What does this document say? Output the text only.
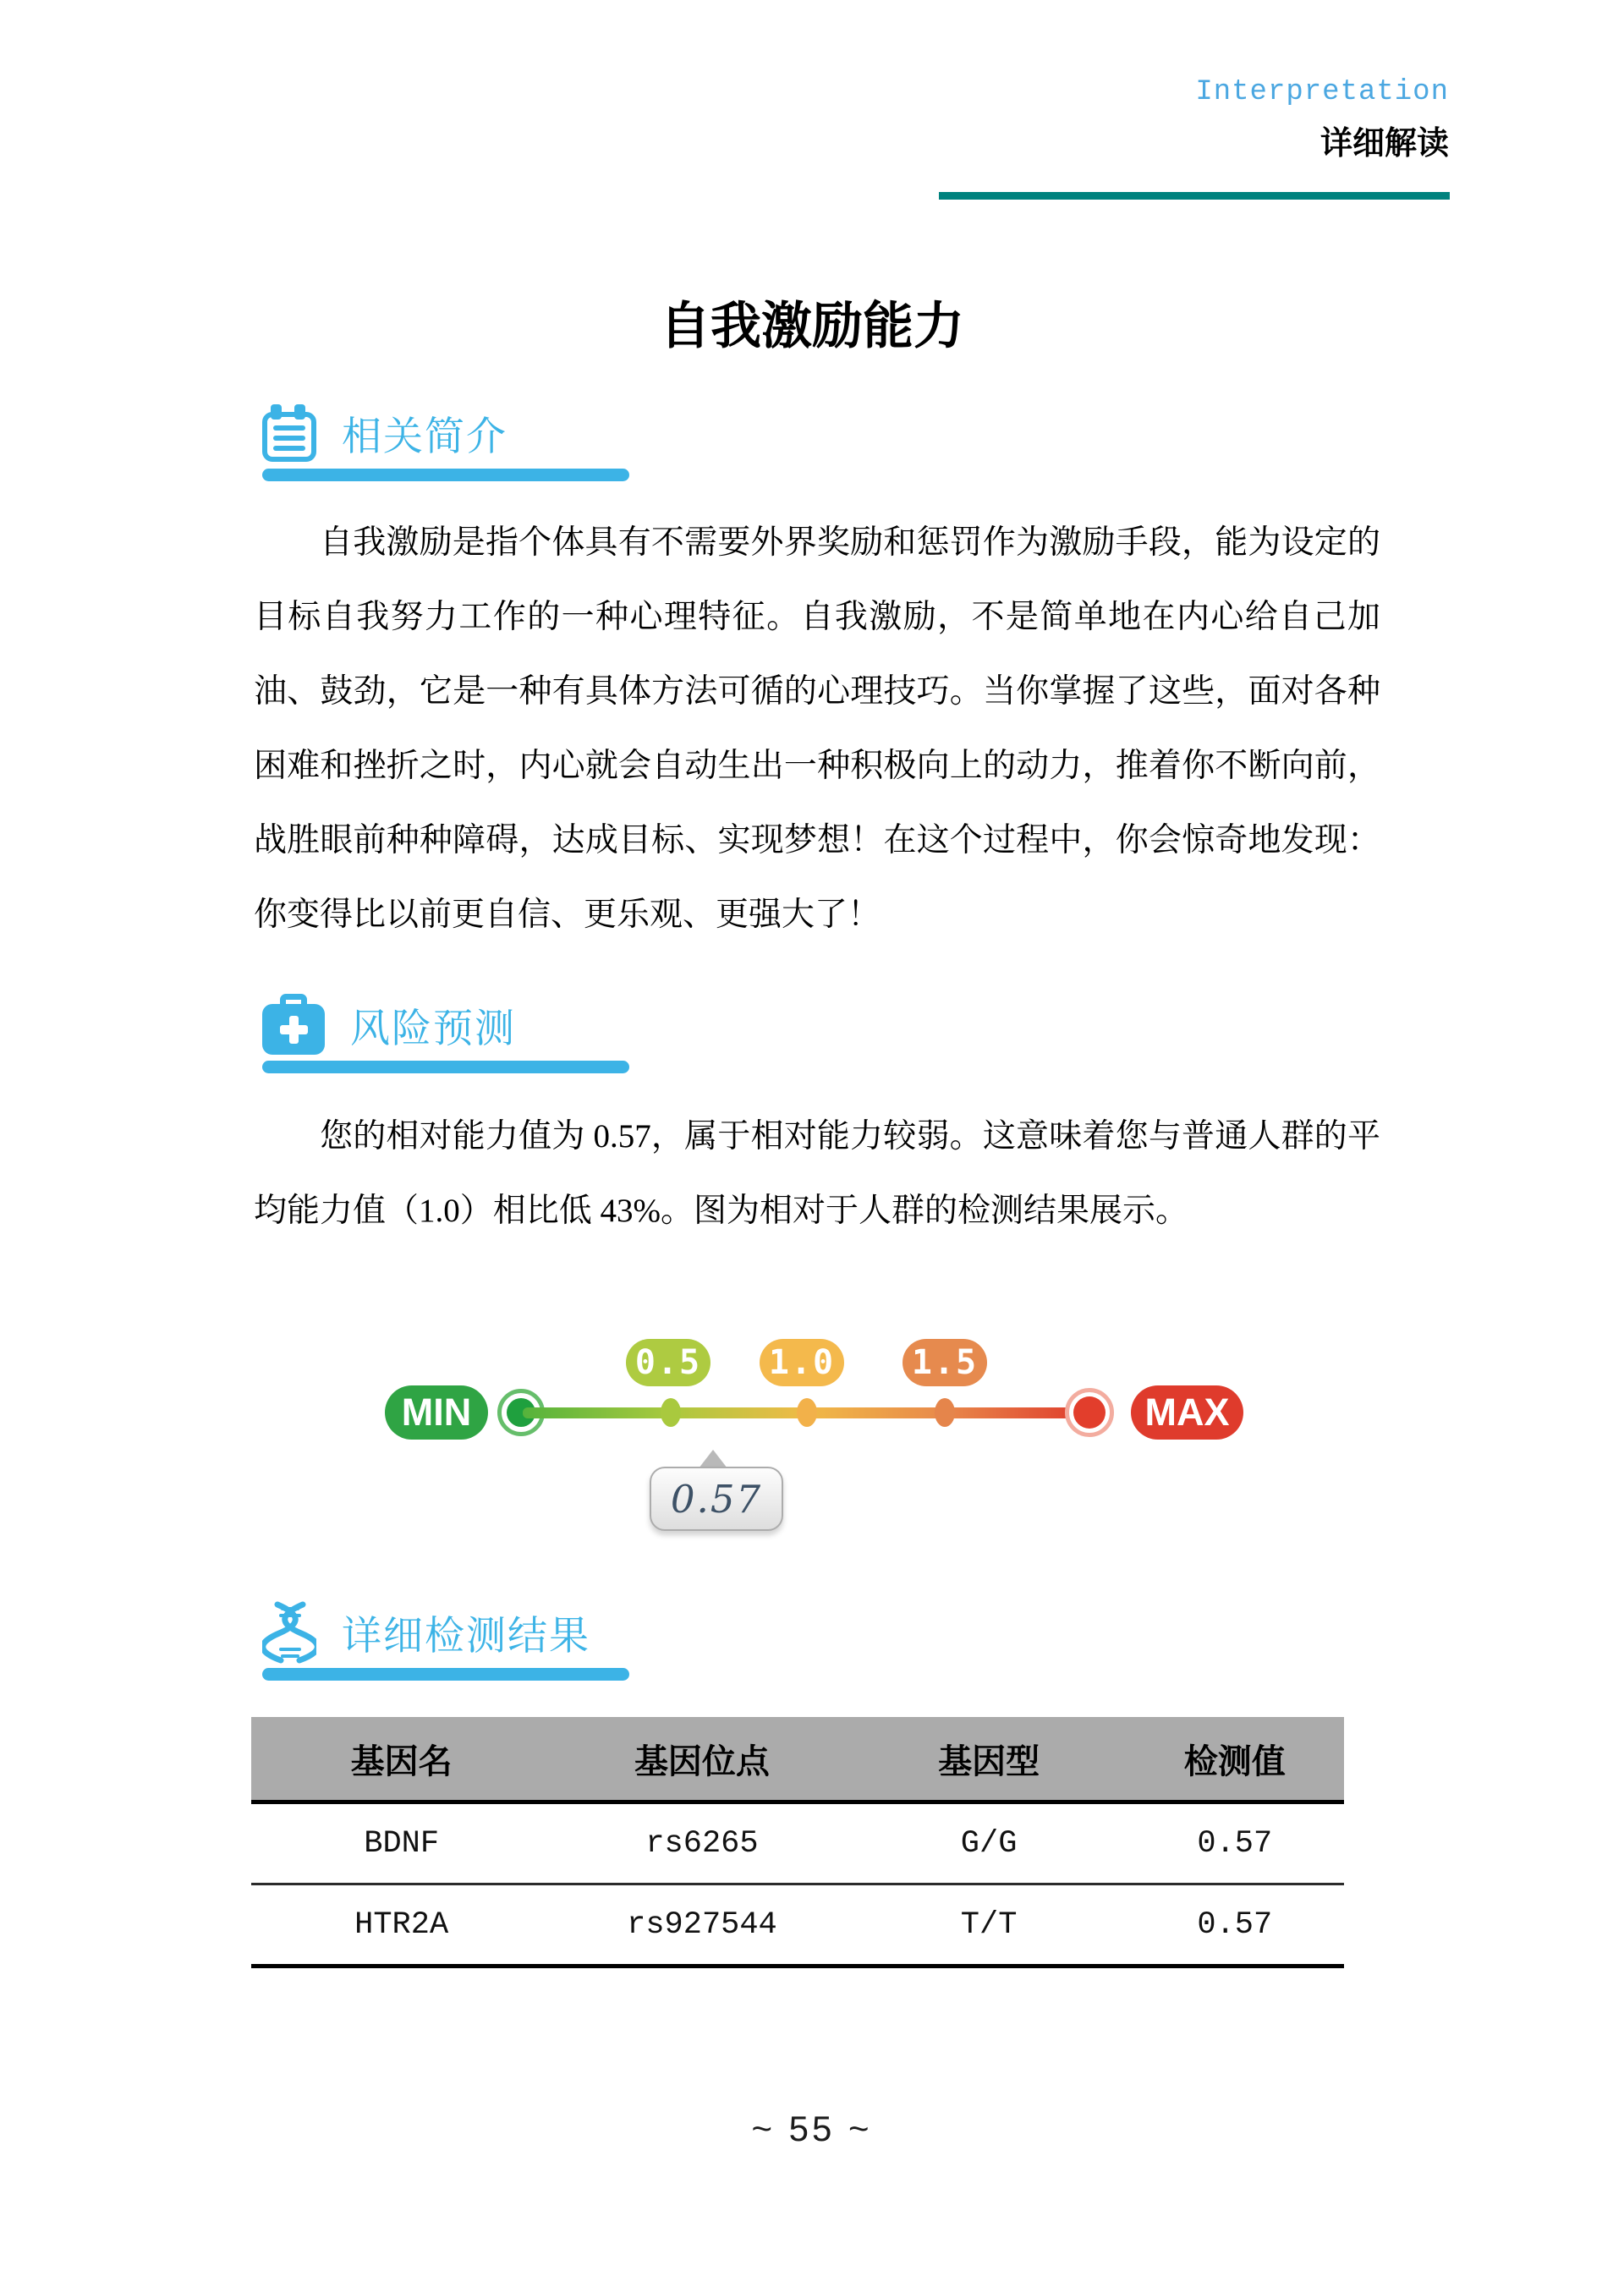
Interpretation
详细解读
自我激励能力
相关简介

自我激励是指个体具有不需要外界奖励和惩罚作为激励手段，能为设定的目标自我努力工作的一种心理特征。自我激励，不是简单地在内心给自己加油、鼓劲，它是一种有具体方法可循的心理技巧。当你掌握了这些，面对各种困难和挫折之时，内心就会自动生出一种积极向上的动力，推着你不断向前，战胜眼前种种障碍，达成目标、实现梦想！在这个过程中，你会惊奇地发现：你变得比以前更自信、更乐观、更强大了！

风险预测

您的相对能力值为 0.57，属于相对能力较弱。这意味着您与普通人群的平均能力值（1.0）相比低 43%。图为相对于人群的检测结果展示。

0.5 1.0 1.5
MIN	MAX
0.57
详细检测结果
基因名	基因位点	基因型	检测值
BDNF	rs6265	G/G	0.57
HTR2A	rs927544	T/T	0.57
~ 55 ~
